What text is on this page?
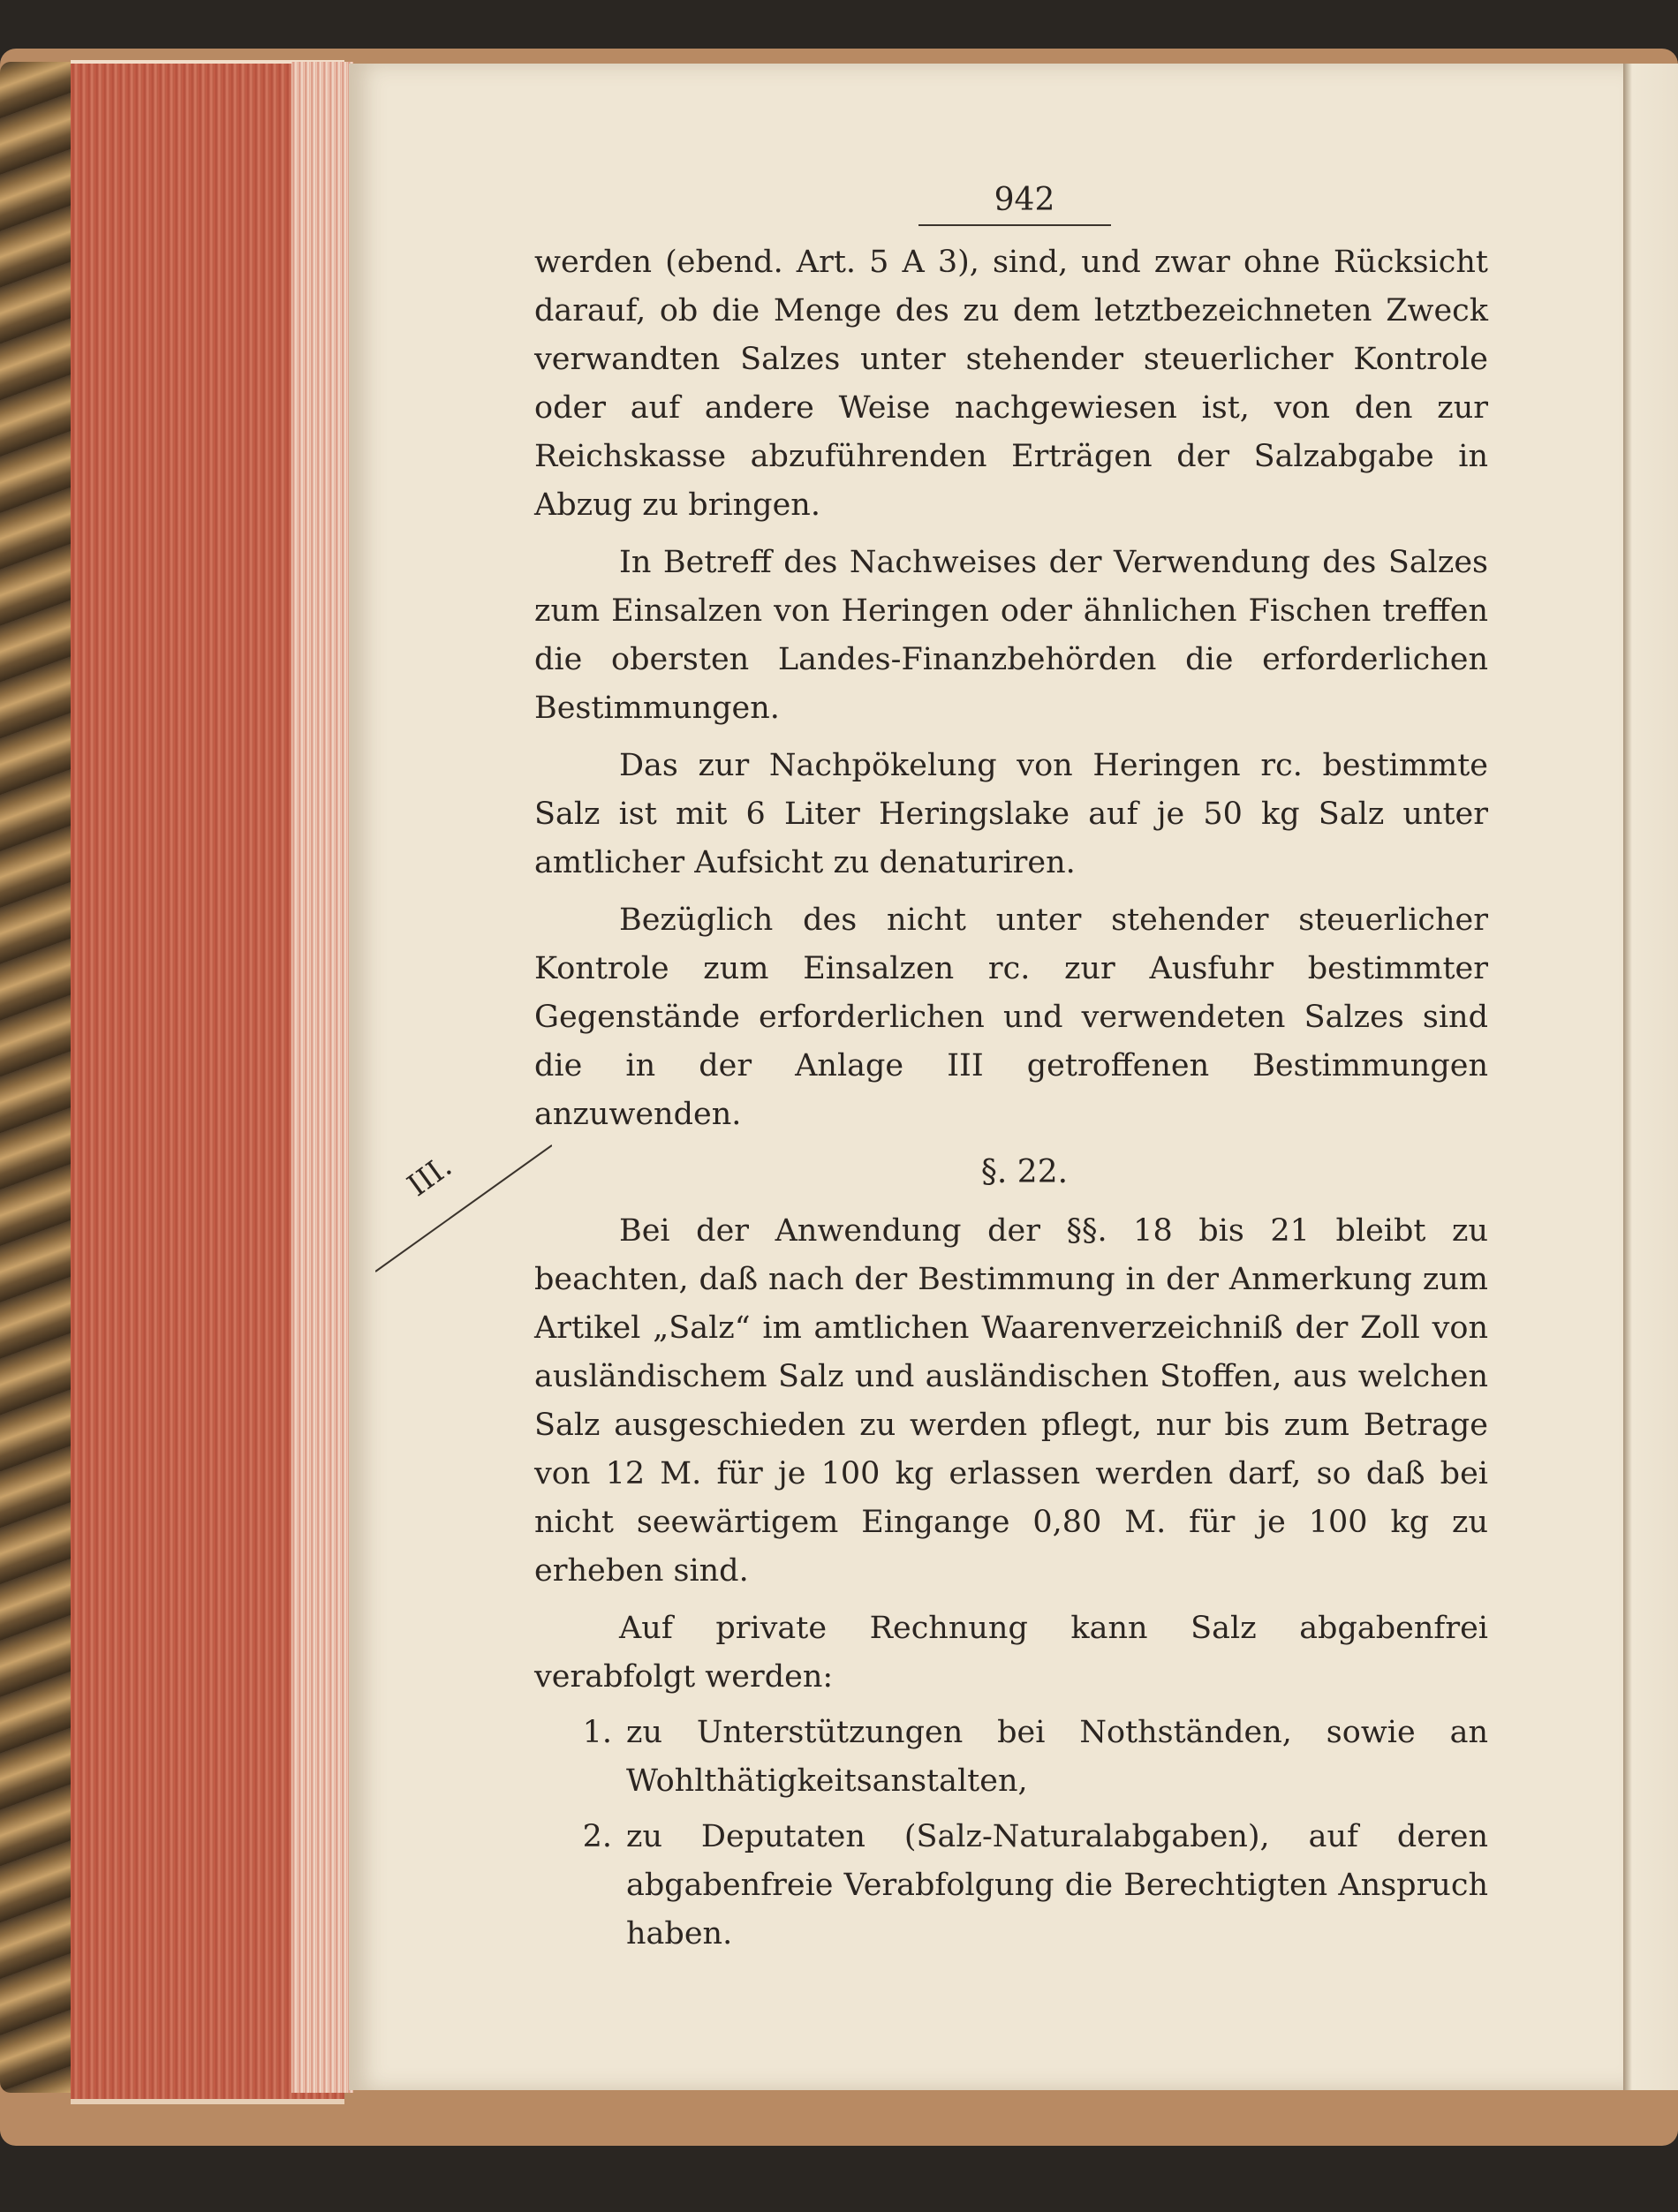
III.
942

werden (ebend. Art. 5 A 3), sind, und zwar ohne Rücksicht darauf, ob die Menge des zu dem letztbezeichneten Zweck verwandten Salzes unter stehender steuerlicher Kontrole oder auf andere Weise nachgewiesen ist, von den zur Reichskasse abzuführenden Erträgen der Salzabgabe in Abzug zu bringen.

In Betreff des Nachweises der Verwendung des Salzes zum Einsalzen von Heringen oder ähnlichen Fischen treffen die obersten Landes-Finanzbehörden die erforderlichen Bestimmungen.

Das zur Nachpökelung von Heringen rc. bestimmte Salz ist mit 6 Liter Heringslake auf je 50 kg Salz unter amtlicher Aufsicht zu denaturiren.

Bezüglich des nicht unter stehender steuerlicher Kontrole zum Einsalzen rc. zur Ausfuhr bestimmter Gegenstände erforderlichen und verwendeten Salzes sind die in der Anlage III getroffenen Bestimmungen anzuwenden.

§. 22.

Bei der Anwendung der §§. 18 bis 21 bleibt zu beachten, daß nach der Bestimmung in der Anmerkung zum Artikel „Salz“ im amtlichen Waarenverzeichniß der Zoll von ausländischem Salz und ausländischen Stoffen, aus welchen Salz ausgeschieden zu werden pflegt, nur bis zum Betrage von 12 M. für je 100 kg erlassen werden darf, so daß bei nicht seewärtigem Eingange 0,80 M. für je 100 kg zu erheben sind.

Auf private Rechnung kann Salz abgabenfrei verabfolgt werden:

1. zu Unterstützungen bei Nothständen, sowie an Wohlthätigkeitsanstalten,
2. zu Deputaten (Salz-Naturalabgaben), auf deren abgabenfreie Verabfolgung die Berechtigten Anspruch haben.
